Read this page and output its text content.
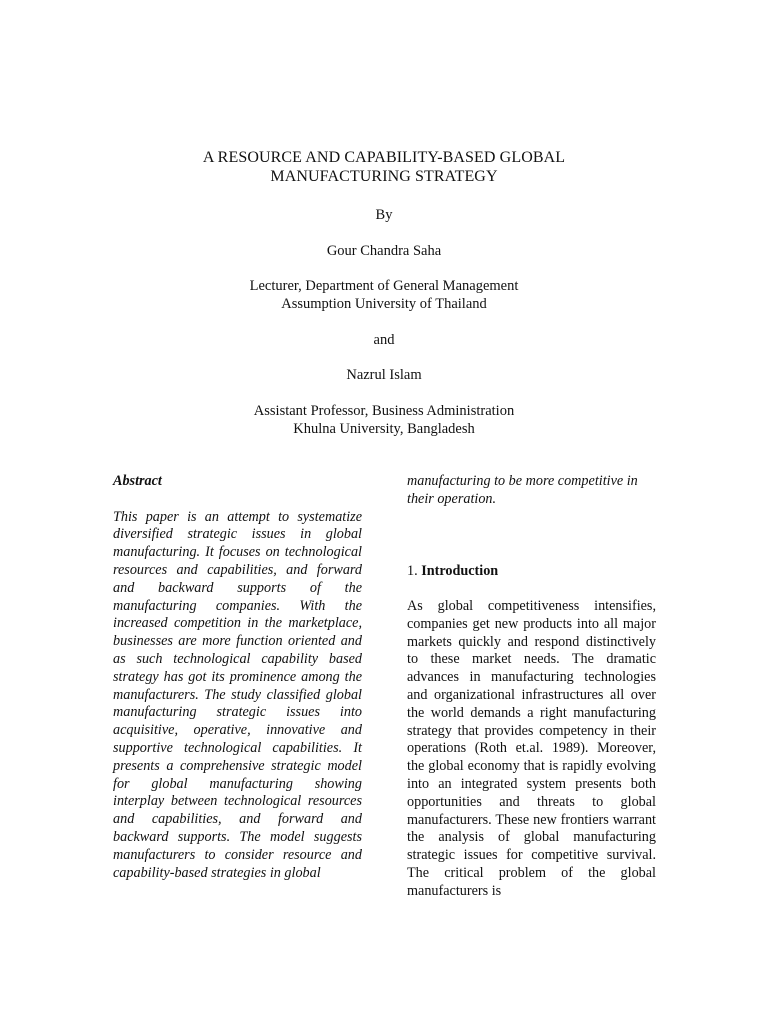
A RESOURCE AND CAPABILITY-BASED GLOBAL
MANUFACTURING STRATEGY
By
Gour Chandra Saha
Lecturer, Department of General Management
Assumption University of Thailand
and
Nazrul Islam
Assistant Professor, Business Administration
Khulna University, Bangladesh

Abstract

This paper is an attempt to systematize diversified strategic issues in global manufacturing. It focuses on technological resources and capabilities, and forward and backward supports of the manufacturing companies. With the increased competition in the marketplace, businesses are more function oriented and as such technological capability based strategy has got its prominence among the manufacturers. The study classified global manufacturing strategic issues into acquisitive, operative, innovative and supportive technological capabilities. It presents a comprehensive strategic model for global manufacturing showing interplay between technological resources and capabilities, and forward and backward supports. The model suggests manufacturers to consider resource and capability-based strategies in global

manufacturing to be more competitive in their operation.

1. Introduction

As global competitiveness intensifies, companies get new products into all major markets quickly and respond distinctively to these market needs. The dramatic advances in manufacturing technologies and organizational infrastructures all over the world demands a right manufacturing strategy that provides competency in their operations (Roth et.al. 1989). Moreover, the global economy that is rapidly evolving into an integrated system presents both opportunities and threats to global manufacturers. These new frontiers warrant the analysis of global manufacturing strategic issues for competitive survival. The critical problem of the global manufacturers is
